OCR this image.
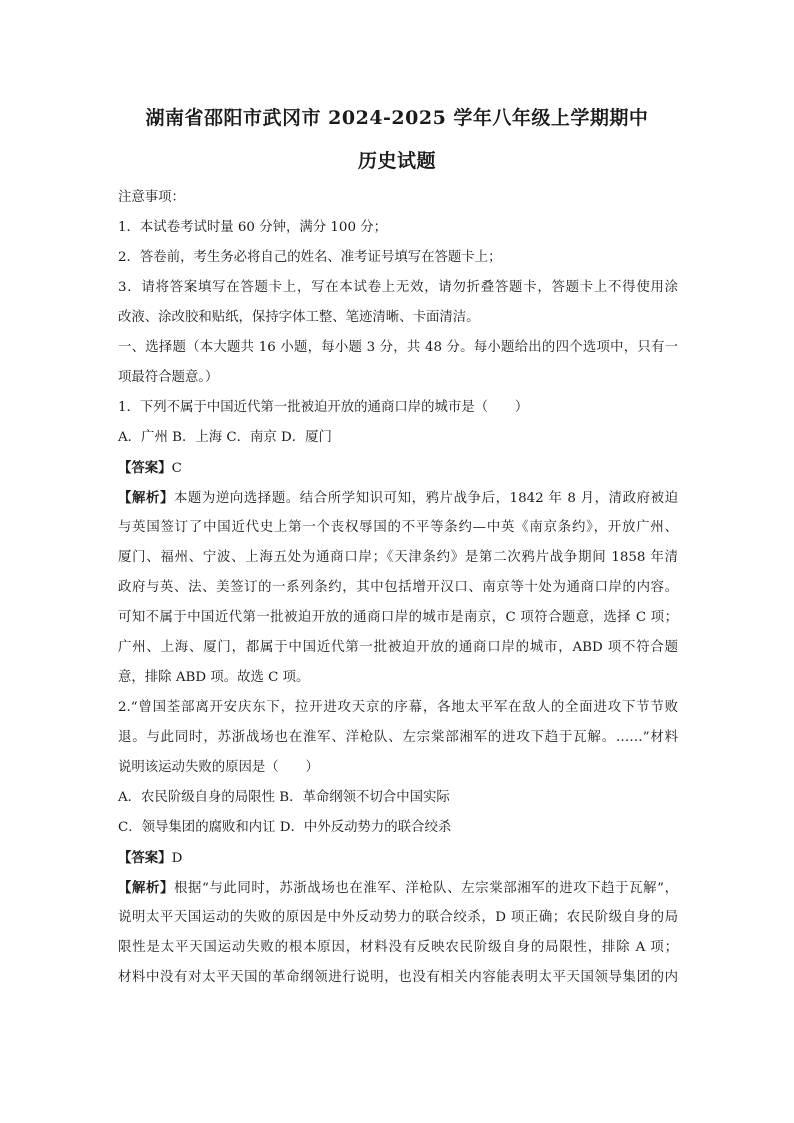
湖南省邵阳市武冈市 2024-2025 学年八年级上学期期中
历史试题
注意事项：
1．本试卷考试时量 60 分钟，满分 100 分；
2．答卷前，考生务必将自己的姓名、准考证号填写在答题卡上；
3．请将答案填写在答题卡上，写在本试卷上无效，请勿折叠答题卡，答题卡上不得使用涂
改液、涂改胶和贴纸，保持字体工整、笔迹清晰、卡面清洁。
一、选择题（本大题共 16 小题，每小题 3 分，共 48 分。每小题给出的四个选项中，只有一
项最符合题意。）
1．下列不属于中国近代第一批被迫开放的通商口岸的城市是（　　）
A．广州 B．上海 C．南京 D．厦门
【答案】C
【解析】本题为逆向选择题。结合所学知识可知，鸦片战争后，1842 年 8 月，清政府被迫
与英国签订了中国近代史上第一个丧权辱国的不平等条约—中英《南京条约》，开放广州、
厦门、福州、宁波、上海五处为通商口岸；《天津条约》是第二次鸦片战争期间 1858 年清
政府与英、法、美签订的一系列条约，其中包括增开汉口、南京等十处为通商口岸的内容。
可知不属于中国近代第一批被迫开放的通商口岸的城市是南京，C 项符合题意，选择 C 项；
广州、上海、厦门，都属于中国近代第一批被迫开放的通商口岸的城市，ABD 项不符合题
意，排除 ABD 项。故选 C 项。
2.“曾国荃部离开安庆东下，拉开进攻天京的序幕，各地太平军在敌人的全面进攻下节节败
退。与此同时，苏浙战场也在淮军、洋枪队、左宗棠部湘军的进攻下趋于瓦解。……”材料
说明该运动失败的原因是（　　）
A．农民阶级自身的局限性 B．革命纲领不切合中国实际
C．领导集团的腐败和内讧 D．中外反动势力的联合绞杀
【答案】D
【解析】根据“与此同时，苏浙战场也在淮军、洋枪队、左宗棠部湘军的进攻下趋于瓦解”，
说明太平天国运动的失败的原因是中外反动势力的联合绞杀，D 项正确；农民阶级自身的局
限性是太平天国运动失败的根本原因，材料没有反映农民阶级自身的局限性，排除 A 项；
材料中没有对太平天国的革命纲领进行说明，也没有相关内容能表明太平天国领导集团的内
